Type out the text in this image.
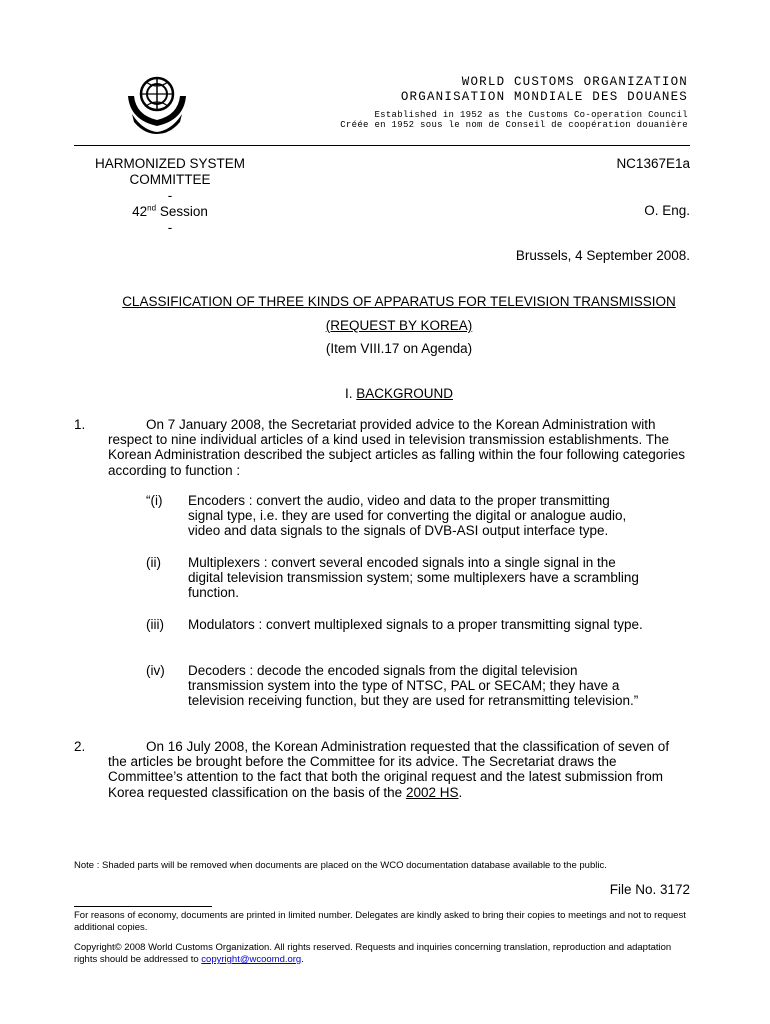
WORLD CUSTOMS ORGANIZATION
ORGANISATION MONDIALE DES DOUANES
Established in 1952 as the Customs Co-operation Council
Créée en 1952 sous le nom de Conseil de coopération douanière
HARMONIZED SYSTEM
COMMITTEE
-
42nd Session
-
NC1367E1a
O. Eng.
Brussels, 4 September 2008.
CLASSIFICATION OF THREE KINDS OF APPARATUS FOR TELEVISION TRANSMISSION
(REQUEST BY KOREA)
(Item VIII.17 on Agenda)
I. BACKGROUND
1.	On 7 January 2008, the Secretariat provided advice to the Korean Administration with respect to nine individual articles of a kind used in television transmission establishments. The Korean Administration described the subject articles as falling within the four following categories according to function :
“(i) Encoders : convert the audio, video and data to the proper transmitting signal type, i.e. they are used for converting the digital or analogue audio, video and data signals to the signals of DVB-ASI output interface type.
(ii) Multiplexers : convert several encoded signals into a single signal in the digital television transmission system; some multiplexers have a scrambling function.
(iii) Modulators : convert multiplexed signals to a proper transmitting signal type.
(iv) Decoders : decode the encoded signals from the digital television transmission system into the type of NTSC, PAL or SECAM; they have a television receiving function, but they are used for retransmitting television.”
2.	On 16 July 2008, the Korean Administration requested that the classification of seven of the articles be brought before the Committee for its advice. The Secretariat draws the Committee’s attention to the fact that both the original request and the latest submission from Korea requested classification on the basis of the 2002 HS.
Note : Shaded parts will be removed when documents are placed on the WCO documentation database available to the public.
File No. 3172
For reasons of economy, documents are printed in limited number. Delegates are kindly asked to bring their copies to meetings and not to request additional copies.
Copyright© 2008 World Customs Organization. All rights reserved. Requests and inquiries concerning translation, reproduction and adaptation rights should be addressed to copyright@wcoomd.org.
